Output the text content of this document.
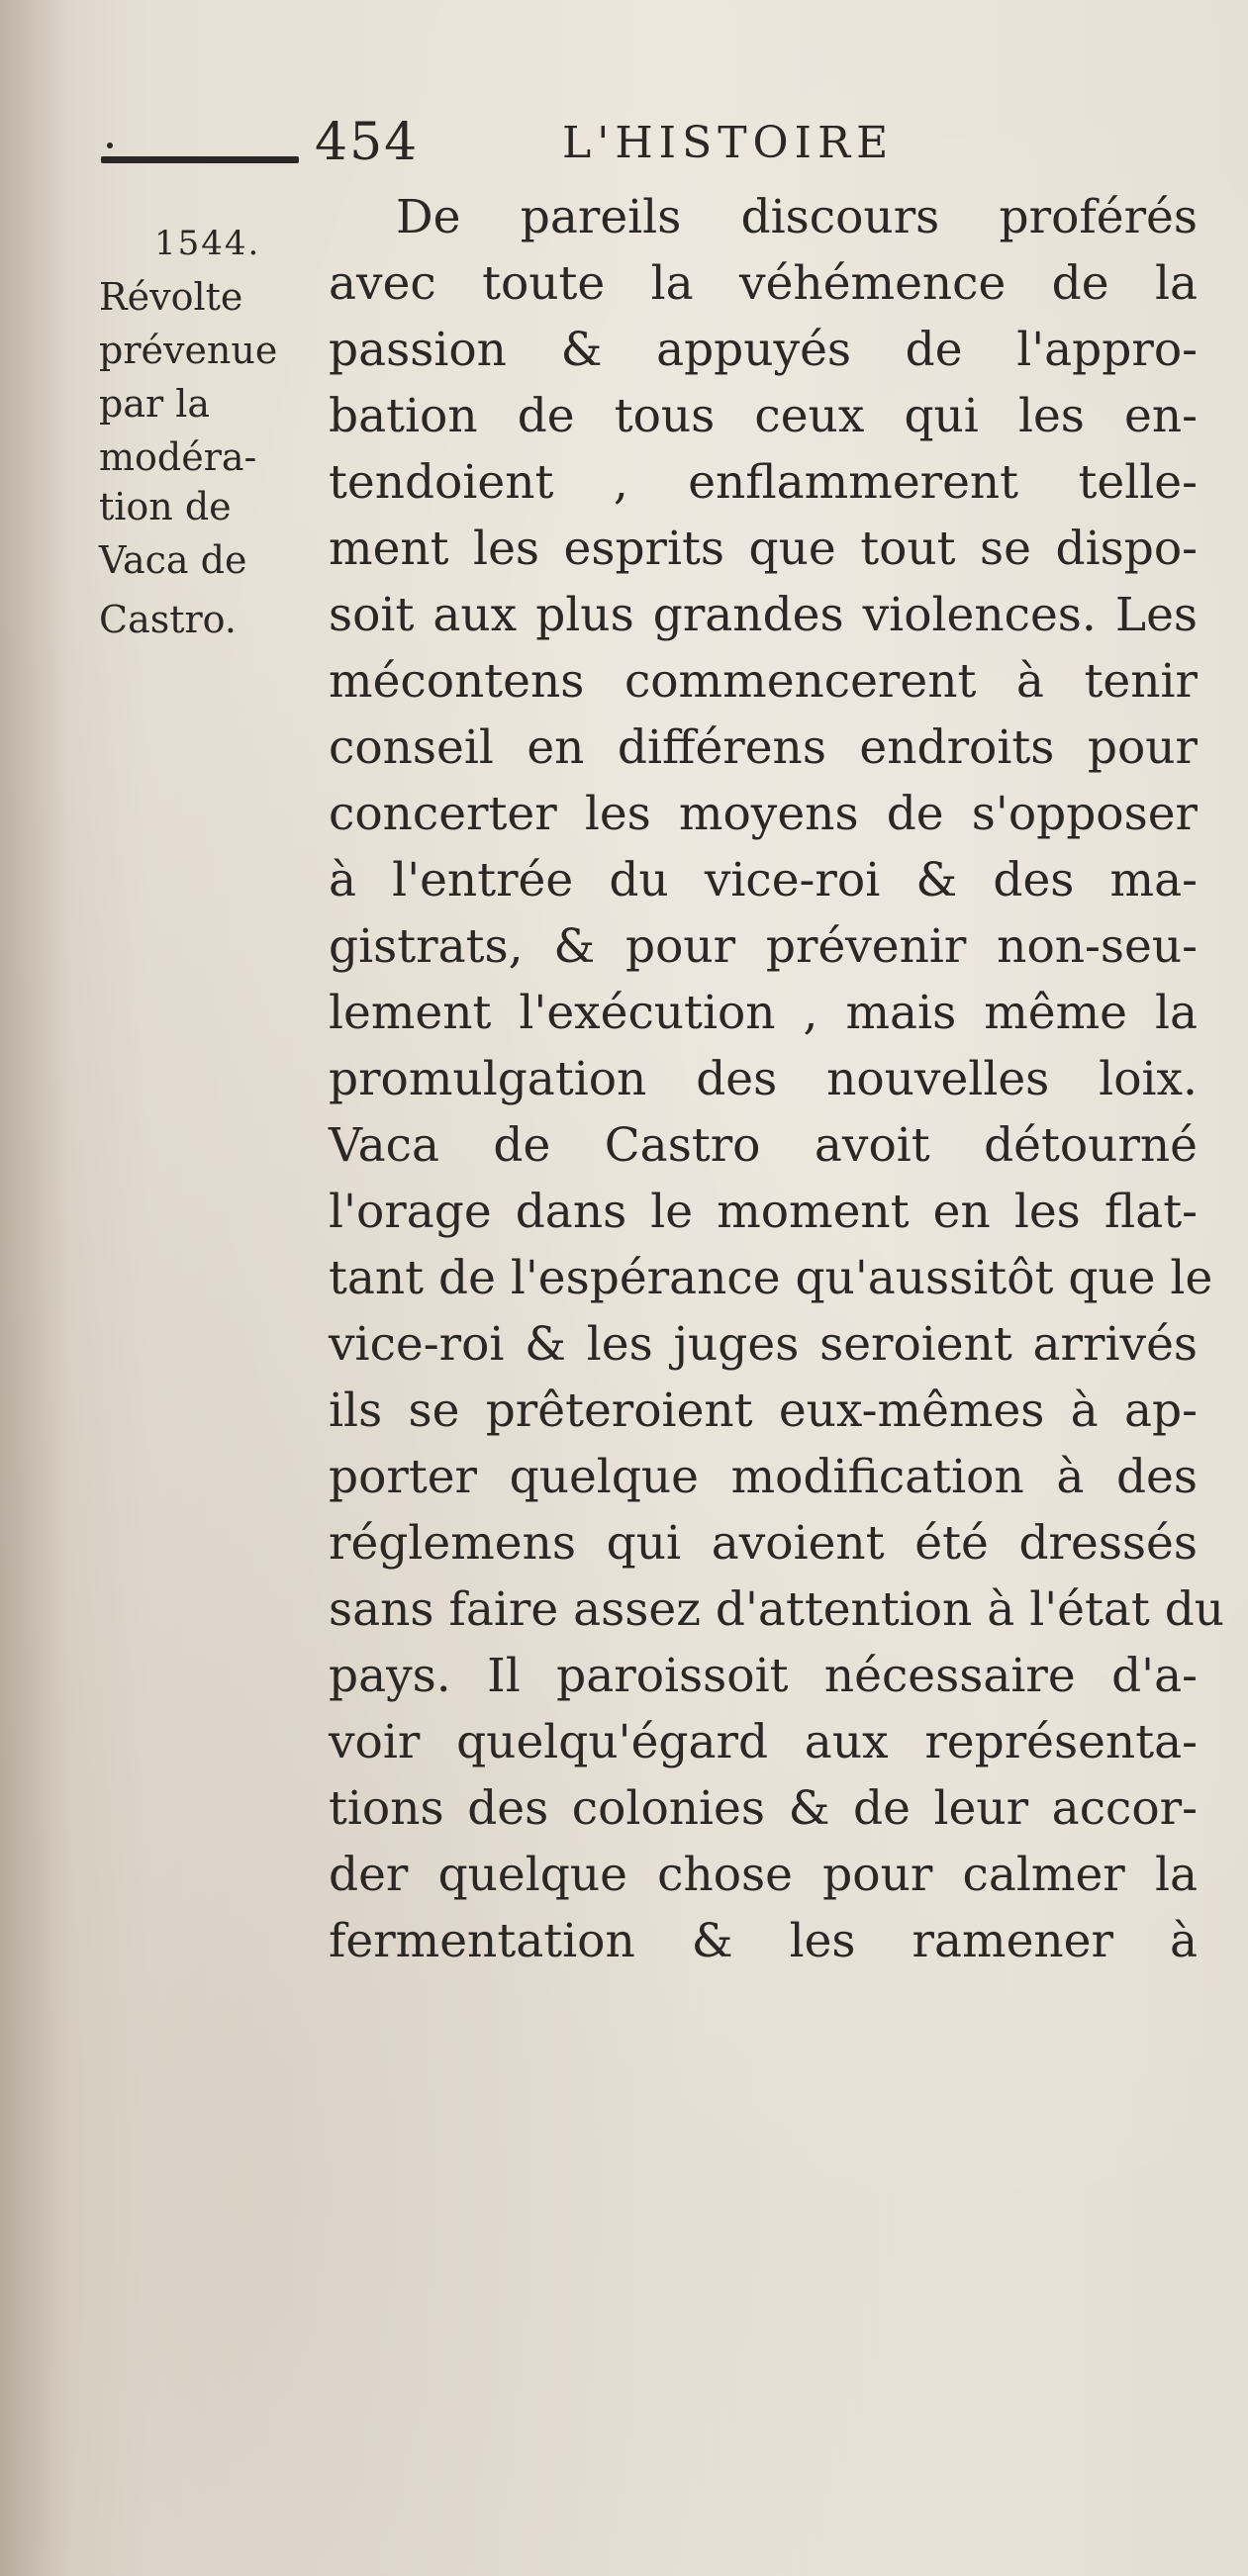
454	L'HISTOIRE
1544.
Révolte
prévenue
par la
modéra-
tion de
Vaca de
Castro.
De pareils discours proférés
avec toute la véhémence de la
passion & appuyés de l'appro-
bation de tous ceux qui les en-
tendoient , enflammerent telle-
ment les esprits que tout se dispo-
soit aux plus grandes violences. Les
mécontens commencerent à tenir
conseil en différens endroits pour
concerter les moyens de s'opposer
à l'entrée du vice-roi & des ma-
gistrats, & pour prévenir non-seu-
lement l'exécution , mais même la
promulgation des nouvelles loix.
Vaca de Castro avoit détourné
l'orage dans le moment en les flat-
tant de l'espérance qu'aussitôt que le
vice-roi & les juges seroient arrivés
ils se prêteroient eux-mêmes à ap-
porter quelque modification à des
réglemens qui avoient été dressés
sans faire assez d'attention à l'état du
pays. Il paroissoit nécessaire d'a-
voir quelqu'égard aux représenta-
tions des colonies & de leur accor-
der quelque chose pour calmer la
fermentation & les ramener à
